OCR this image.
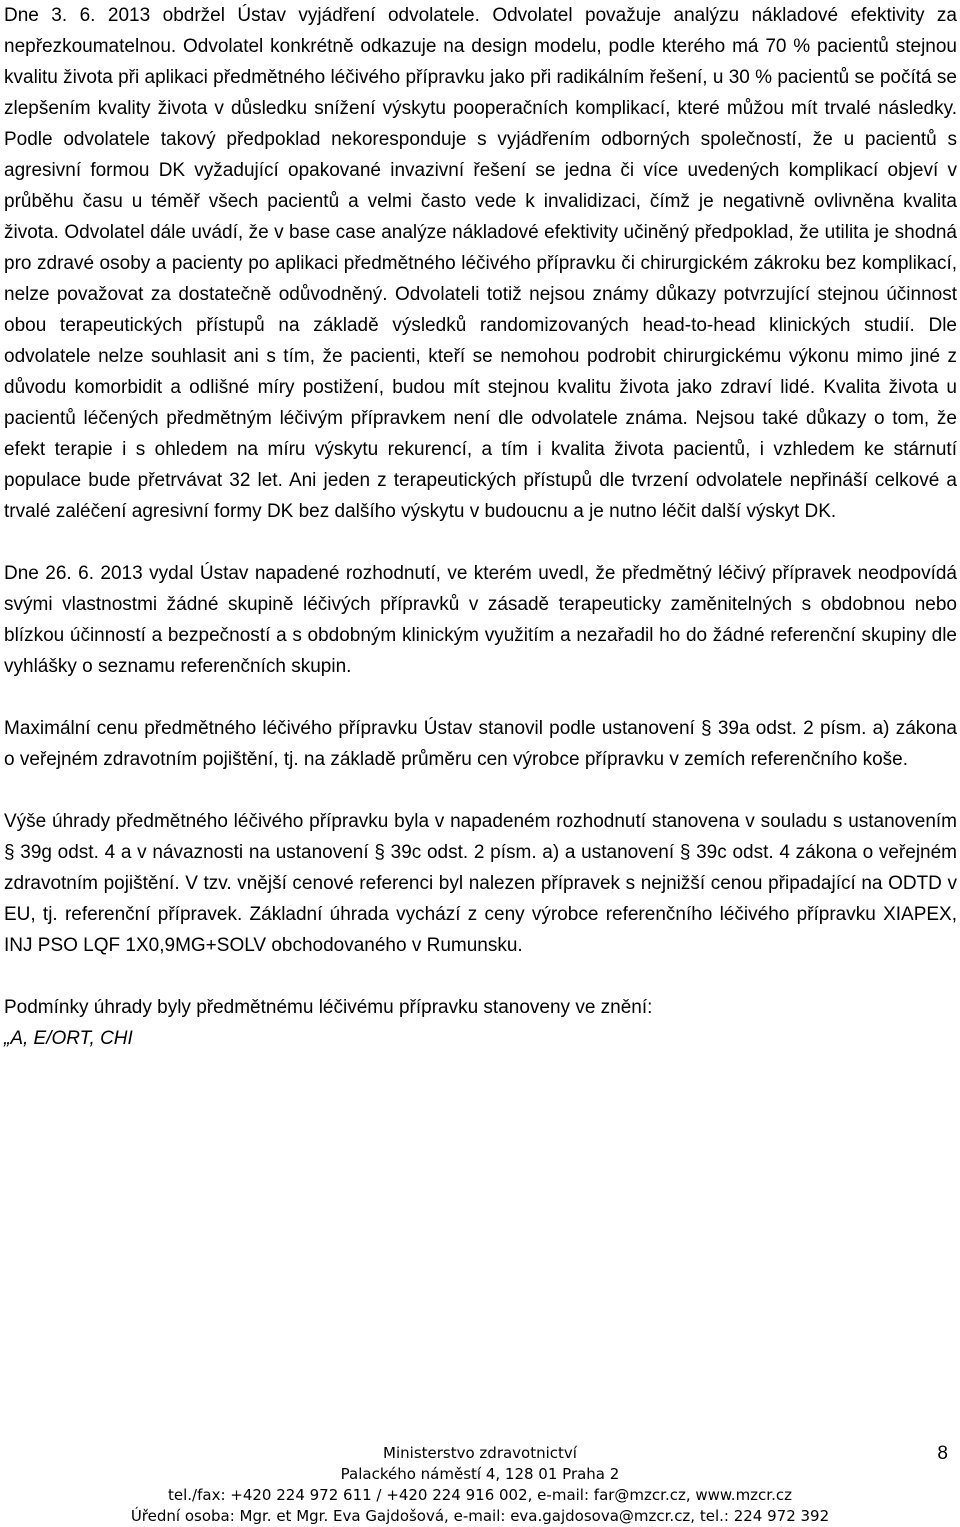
Dne 3. 6. 2013 obdržel Ústav vyjádření odvolatele. Odvolatel považuje analýzu nákladové efektivity za nepřezkoumatelnou. Odvolatel konkrétně odkazuje na design modelu, podle kterého má 70 % pacientů stejnou kvalitu života při aplikaci předmětného léčivého přípravku jako při radikálním řešení, u 30 % pacientů se počítá se zlepšením kvality života v důsledku snížení výskytu pooperačních komplikací, které můžou mít trvalé následky. Podle odvolatele takový předpoklad nekoresponduje s vyjádřením odborných společností, že u pacientů s agresivní formou DK vyžadující opakované invazivní řešení se jedna či více uvedených komplikací objeví v průběhu času u téměř všech pacientů a velmi často vede k invalidizaci, čímž je negativně ovlivněna kvalita života. Odvolatel dále uvádí, že v base case analýze nákladové efektivity učiněný předpoklad, že utilita je shodná pro zdravé osoby a pacienty po aplikaci předmětného léčivého přípravku či chirurgickém zákroku bez komplikací, nelze považovat za dostatečně odůvodněný. Odvolateli totiž nejsou známy důkazy potvrzující stejnou účinnost obou terapeutických přístupů na základě výsledků randomizovaných head-to-head klinických studií. Dle odvolatele nelze souhlasit ani s tím, že pacienti, kteří se nemohou podrobit chirurgickému výkonu mimo jiné z důvodu komorbidit a odlišné míry postižení, budou mít stejnou kvalitu života jako zdraví lidé. Kvalita života u pacientů léčených předmětným léčivým přípravkem není dle odvolatele známa. Nejsou také důkazy o tom, že efekt terapie i s ohledem na míru výskytu rekurencí, a tím i kvalita života pacientů, i vzhledem ke stárnutí populace bude přetrvávat 32 let. Ani jeden z terapeutických přístupů dle tvrzení odvolatele nepřináší celkové a trvalé zaléčení agresivní formy DK bez dalšího výskytu v budoucnu a je nutno léčit další výskyt DK.

Dne 26. 6. 2013 vydal Ústav napadené rozhodnutí, ve kterém uvedl, že předmětný léčivý přípravek neodpovídá svými vlastnostmi žádné skupině léčivých přípravků v zásadě terapeuticky zaměnitelných s obdobnou nebo blízkou účinností a bezpečností a s obdobným klinickým využitím a nezařadil ho do žádné referenční skupiny dle vyhlášky o seznamu referenčních skupin.

Maximální cenu předmětného léčivého přípravku Ústav stanovil podle ustanovení § 39a odst. 2 písm. a) zákona o veřejném zdravotním pojištění, tj. na základě průměru cen výrobce přípravku v zemích referenčního koše.

Výše úhrady předmětného léčivého přípravku byla v napadeném rozhodnutí stanovena v souladu s ustanovením § 39g odst. 4 a v návaznosti na ustanovení § 39c odst. 2 písm. a) a ustanovení § 39c odst. 4 zákona o veřejném zdravotním pojištění. V tzv. vnější cenové referenci byl nalezen přípravek s nejnižší cenou připadající na ODTD v EU, tj. referenční přípravek. Základní úhrada vychází z ceny výrobce referenčního léčivého přípravku XIAPEX, INJ PSO LQF 1X0,9MG+SOLV obchodovaného v Rumunsku.

Podmínky úhrady byly předmětnému léčivému přípravku stanoveny ve znění:

„A, E/ORT, CHI

Ministerstvo zdravotnictví
Palackého náměstí 4, 128 01 Praha 2
tel./fax: +420 224 972 611 / +420 224 916 002, e-mail: far@mzcr.cz, www.mzcr.cz
Úřední osoba: Mgr. et Mgr. Eva Gajdošová, e-mail: eva.gajdosova@mzcr.cz, tel.: 224 972 392
8
